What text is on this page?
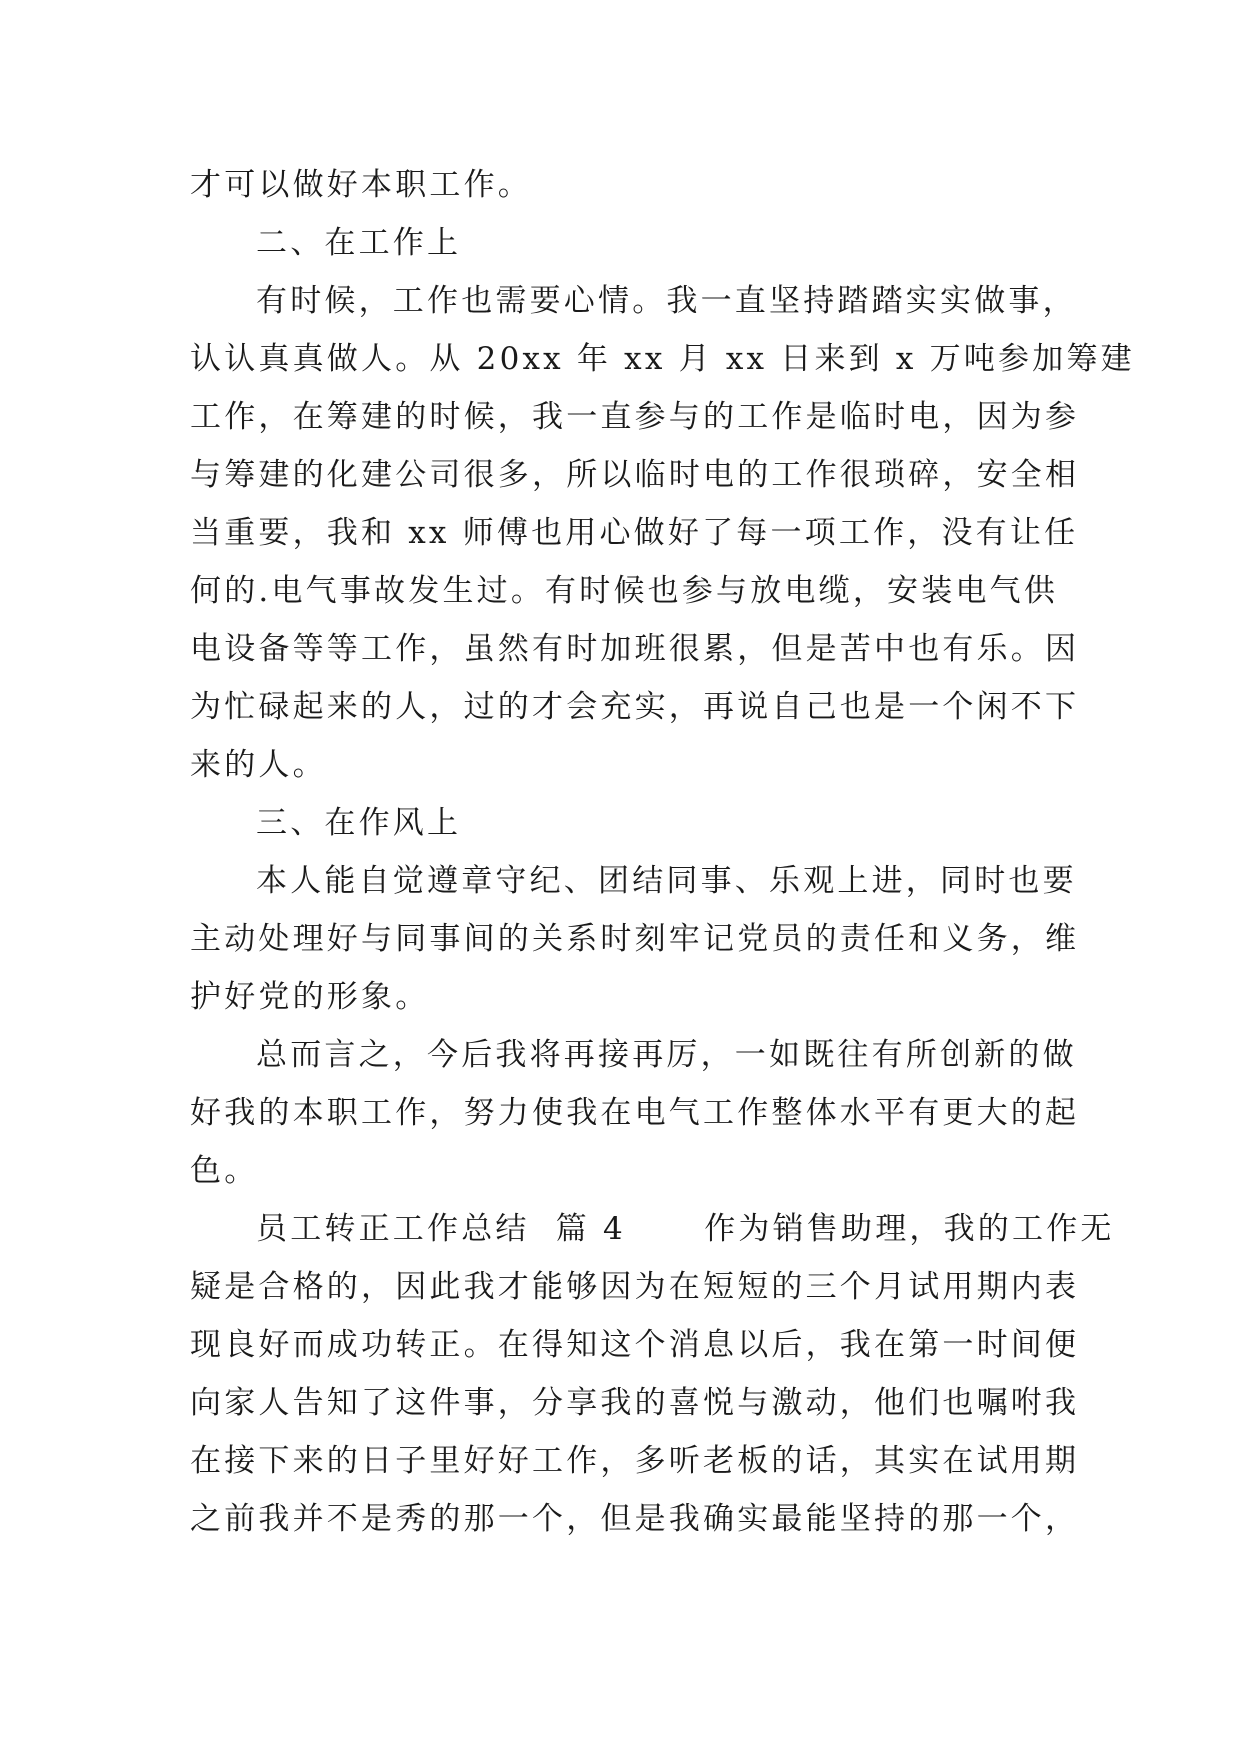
才可以做好本职工作。
二、在工作上
有时候，工作也需要心情。我一直坚持踏踏实实做事，
认认真真做人。从 20xx 年 xx 月 xx 日来到 x 万吨参加筹建
工作，在筹建的时候，我一直参与的工作是临时电，因为参
与筹建的化建公司很多，所以临时电的工作很琐碎，安全相
当重要，我和 xx 师傅也用心做好了每一项工作，没有让任
何的.电气事故发生过。有时候也参与放电缆，安装电气供
电设备等等工作，虽然有时加班很累，但是苦中也有乐。因
为忙碌起来的人，过的才会充实，再说自己也是一个闲不下
来的人。
三、在作风上
本人能自觉遵章守纪、团结同事、乐观上进，同时也要
主动处理好与同事间的关系时刻牢记党员的责任和义务，维
护好党的形象。
总而言之，今后我将再接再厉，一如既往有所创新的做
好我的本职工作，努力使我在电气工作整体水平有更大的起
色。
员工转正工作总结  篇 4      作为销售助理，我的工作无
疑是合格的，因此我才能够因为在短短的三个月试用期内表
现良好而成功转正。在得知这个消息以后，我在第一时间便
向家人告知了这件事，分享我的喜悦与激动，他们也嘱咐我
在接下来的日子里好好工作，多听老板的话，其实在试用期
之前我并不是秀的那一个，但是我确实最能坚持的那一个，
